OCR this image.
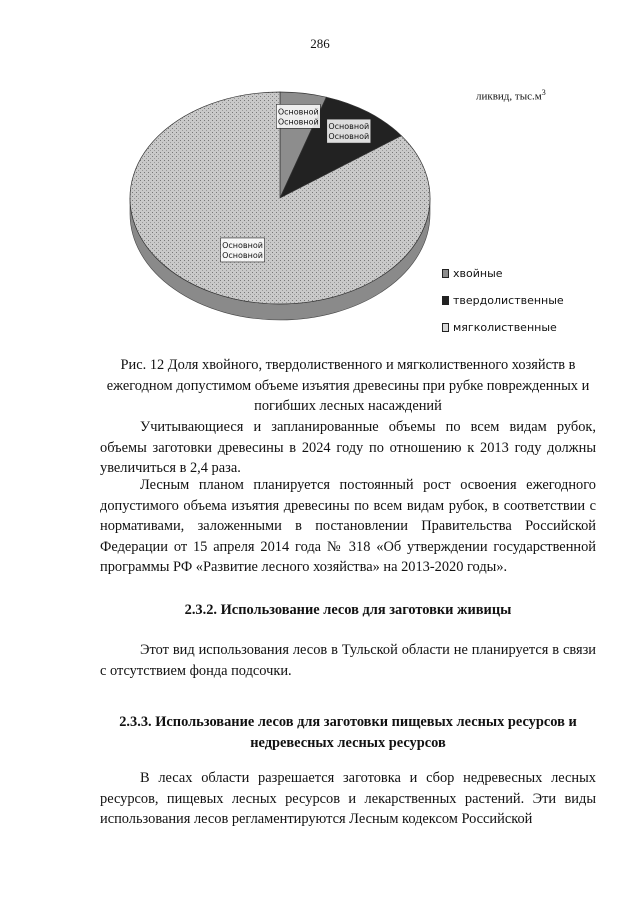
286
ликвид, $тыс.м^3$
Основной
Основной
Основной
Основной
Основной
Основной
хвойные
твердолиственные
мягколиственные
Рис. 12 Доля хвойного, твердолиственного и мягколиственного хозяйств в ежегодном допустимом объеме изъятия древесины при рубке поврежденных и погибших лесных насаждений
Учитывающиеся и запланированные объемы по всем видам рубок, объемы заготовки древесины в 2024 году по отношению к 2013 году должны увеличиться в 2,4 раза.
Лесным планом планируется постоянный рост освоения ежегодного допустимого объема изъятия древесины по всем видам рубок, в соответствии с нормативами, заложенными в постановлении Правительства Российской Федерации от 15 апреля 2014 года № 318 «Об утверждении государственной программы РФ «Развитие лесного хозяйства» на 2013-2020 годы».
2.3.2. Использование лесов для заготовки живицы
Этот вид использования лесов в Тульской области не планируется в связи с отсутствием фонда подсочки.
2.3.3. Использование лесов для заготовки пищевых лесных ресурсов и недревесных лесных ресурсов
В лесах области разрешается заготовка и сбор недревесных лесных ресурсов, пищевых лесных ресурсов и лекарственных растений. Эти виды использования лесов регламентируются Лесным кодексом Российской
